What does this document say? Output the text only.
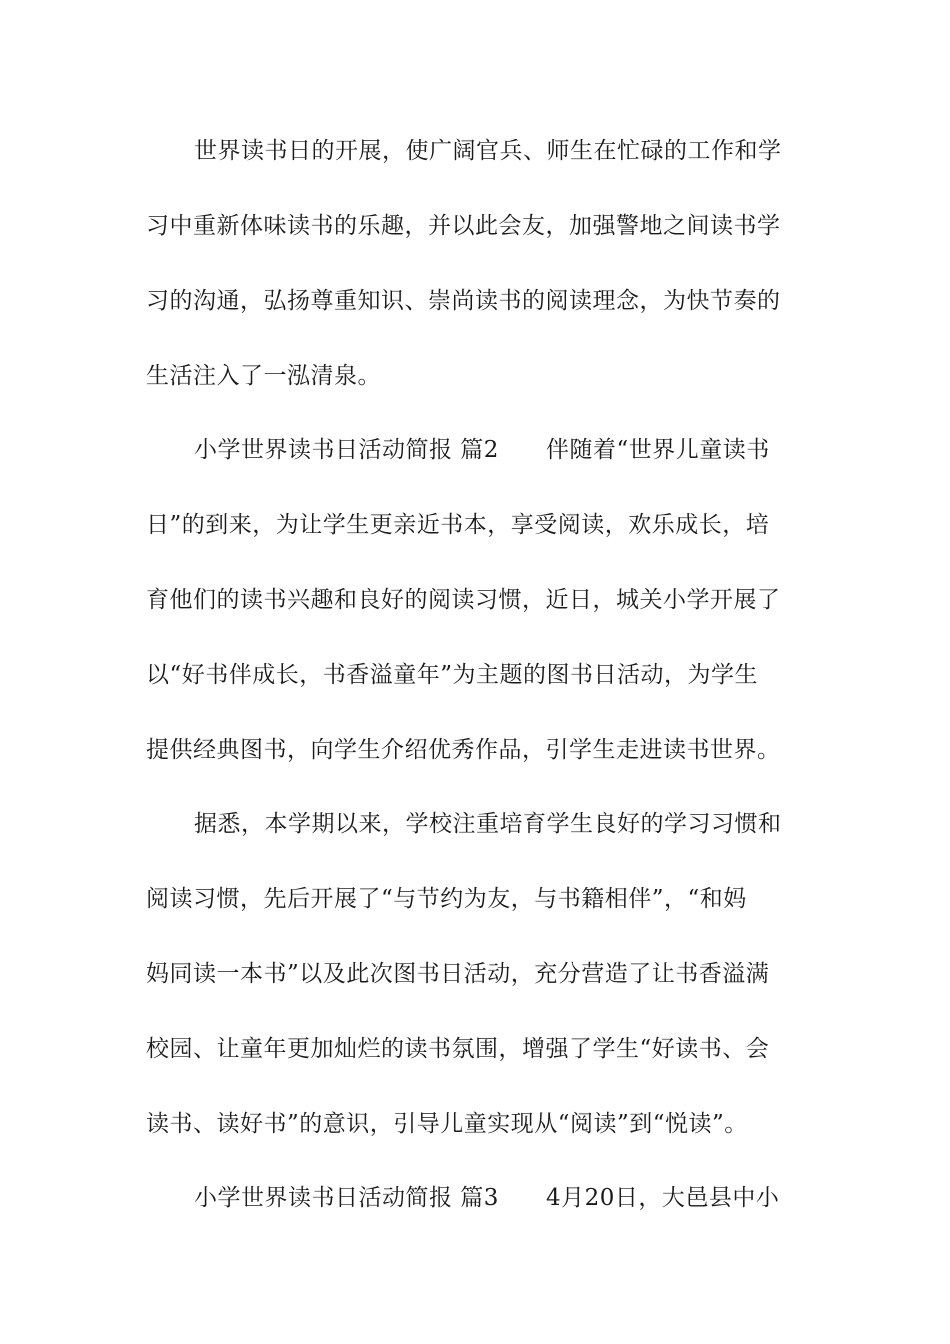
世界读书日的开展，使广阔官兵、师生在忙碌的工作和学
习中重新体味读书的乐趣，并以此会友，加强警地之间读书学
习的沟通，弘扬尊重知识、崇尚读书的阅读理念，为快节奏的
生活注入了一泓清泉。
小学世界读书日活动简报 篇2　　伴随着“世界儿童读书
日”的到来，为让学生更亲近书本，享受阅读，欢乐成长，培
育他们的读书兴趣和良好的阅读习惯，近日，城关小学开展了
以“好书伴成长，书香溢童年”为主题的图书日活动，为学生
提供经典图书，向学生介绍优秀作品，引学生走进读书世界。
据悉，本学期以来，学校注重培育学生良好的学习习惯和
阅读习惯，先后开展了“与节约为友，与书籍相伴”，“和妈
妈同读一本书”以及此次图书日活动，充分营造了让书香溢满
校园、让童年更加灿烂的读书氛围，增强了学生“好读书、会
读书、读好书”的意识，引导儿童实现从“阅读”到“悦读”。
小学世界读书日活动简报 篇3　　4月20日，大邑县中小
